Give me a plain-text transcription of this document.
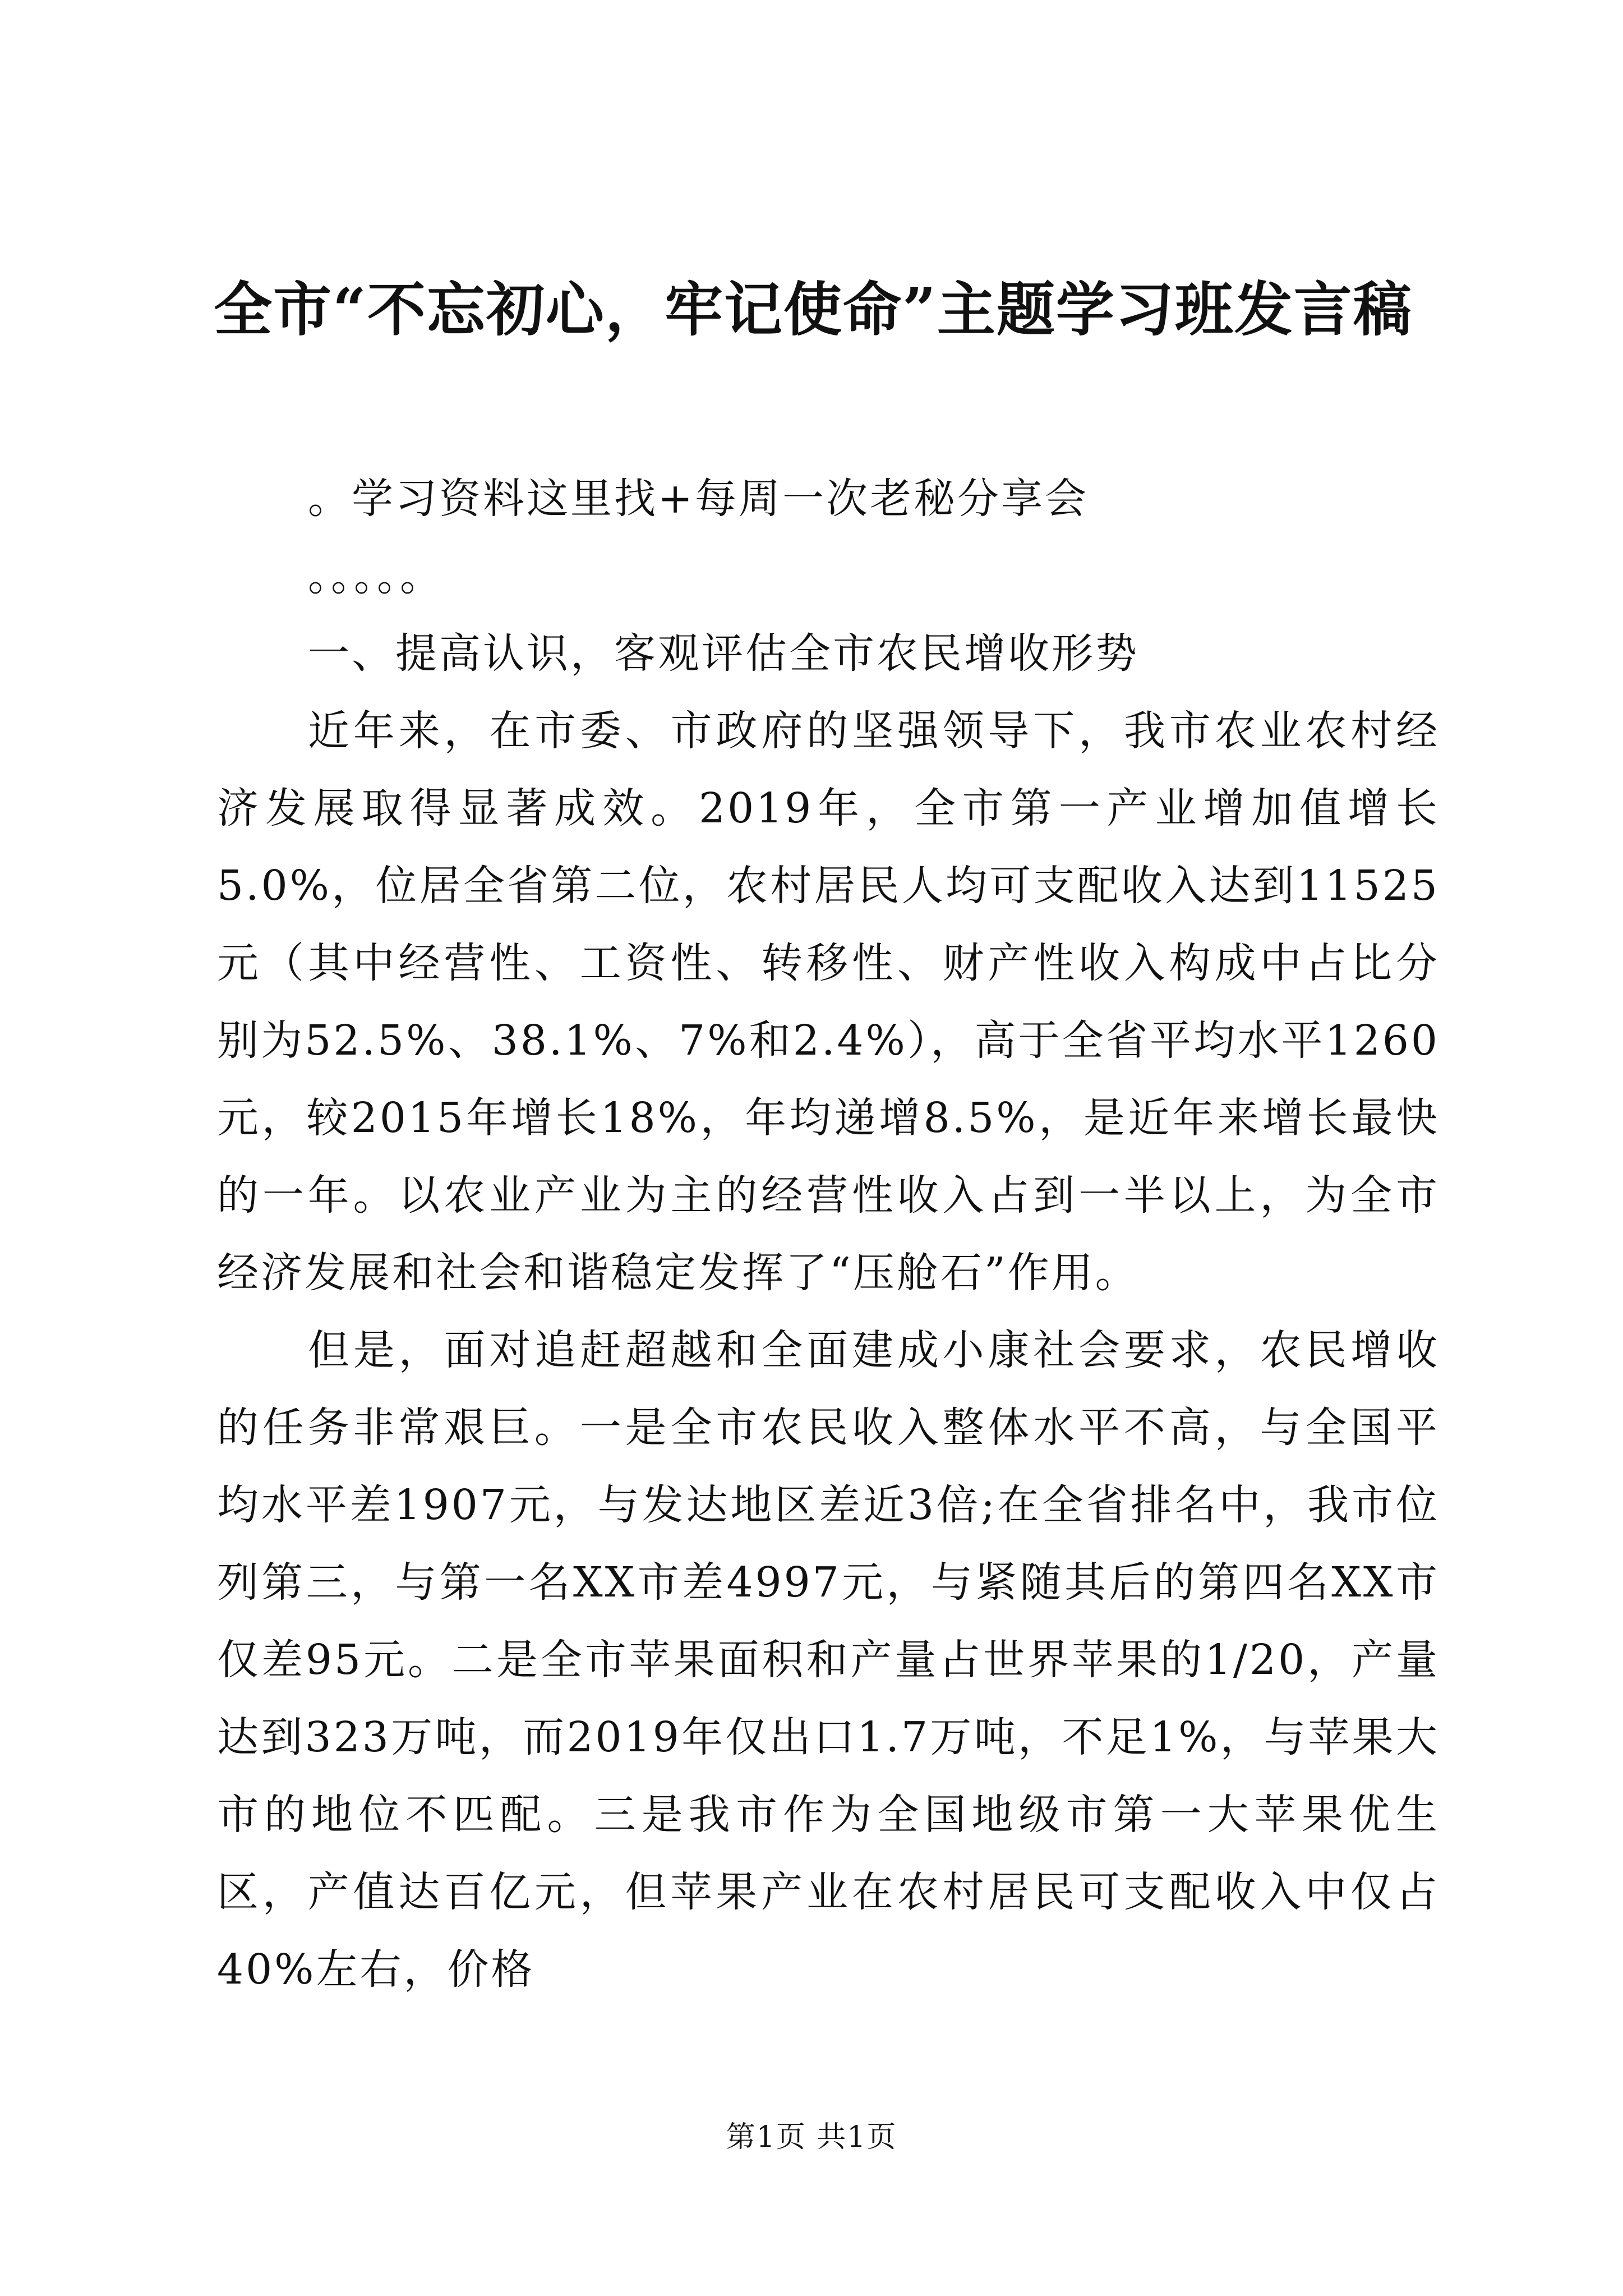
全市“不忘初心，牢记使命”主题学习班发言稿

。学习资料这里找+每周一次老秘分享会

。。。。。

一、提高认识，客观评估全市农民增收形势

近年来，在市委、市政府的坚强领导下，我市农业农村经济发展取得显著成效。2019年，全市第一产业增加值增长5.0%，位居全省第二位，农村居民人均可支配收入达到11525元（其中经营性、工资性、转移性、财产性收入构成中占比分别为52.5%、38.1%、7%和2.4%），高于全省平均水平1260元，较2015年增长18%，年均递增8.5%，是近年来增长最快的一年。以农业产业为主的经营性收入占到一半以上，为全市经济发展和社会和谐稳定发挥了“压舱石”作用。

但是，面对追赶超越和全面建成小康社会要求，农民增收的任务非常艰巨。一是全市农民收入整体水平不高，与全国平均水平差1907元，与发达地区差近3倍;在全省排名中，我市位列第三，与第一名XX市差4997元，与紧随其后的第四名XX市仅差95元。二是全市苹果面积和产量占世界苹果的1/20，产量达到323万吨，而2019年仅出口1.7万吨，不足1%，与苹果大市的地位不匹配。三是我市作为全国地级市第一大苹果优生区，产值达百亿元，但苹果产业在农村居民可支配收入中仅占40%左右，价格

第1页 共1页
